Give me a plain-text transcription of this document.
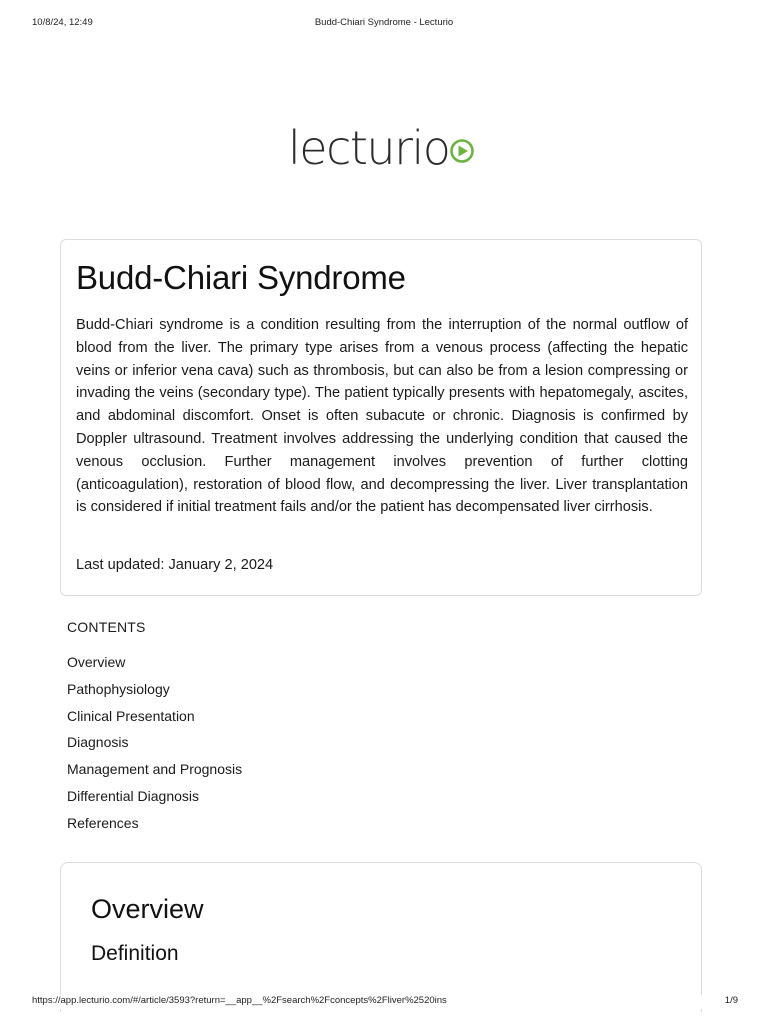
10/8/24, 12:49	Budd-Chiari Syndrome - Lecturio
lecturio
Budd-Chiari Syndrome

Budd-Chiari syndrome is a condition resulting from the interruption of the normal outflow of blood from the liver. The primary type arises from a venous process (affecting the hepatic veins or inferior vena cava) such as thrombosis, but can also be from a lesion compressing or invading the veins (secondary type). The patient typically presents with hepatomegaly, ascites, and abdominal discomfort. Onset is often subacute or chronic. Diagnosis is confirmed by Doppler ultrasound. Treatment involves addressing the underlying condition that caused the venous occlusion. Further management involves prevention of further clotting (anticoagulation), restoration of blood flow, and decompressing the liver. Liver transplantation is considered if initial treatment fails and/or the patient has decompensated liver cirrhosis.

Last updated: January 2, 2024

CONTENTS

Overview
Pathophysiology
Clinical Presentation
Diagnosis
Management and Prognosis
Differential Diagnosis
References
Overview
Definition
https://app.lecturio.com/#/article/3593?return=__app__%2Fsearch%2Fconcepts%2Fliver%2520ins	1/9
